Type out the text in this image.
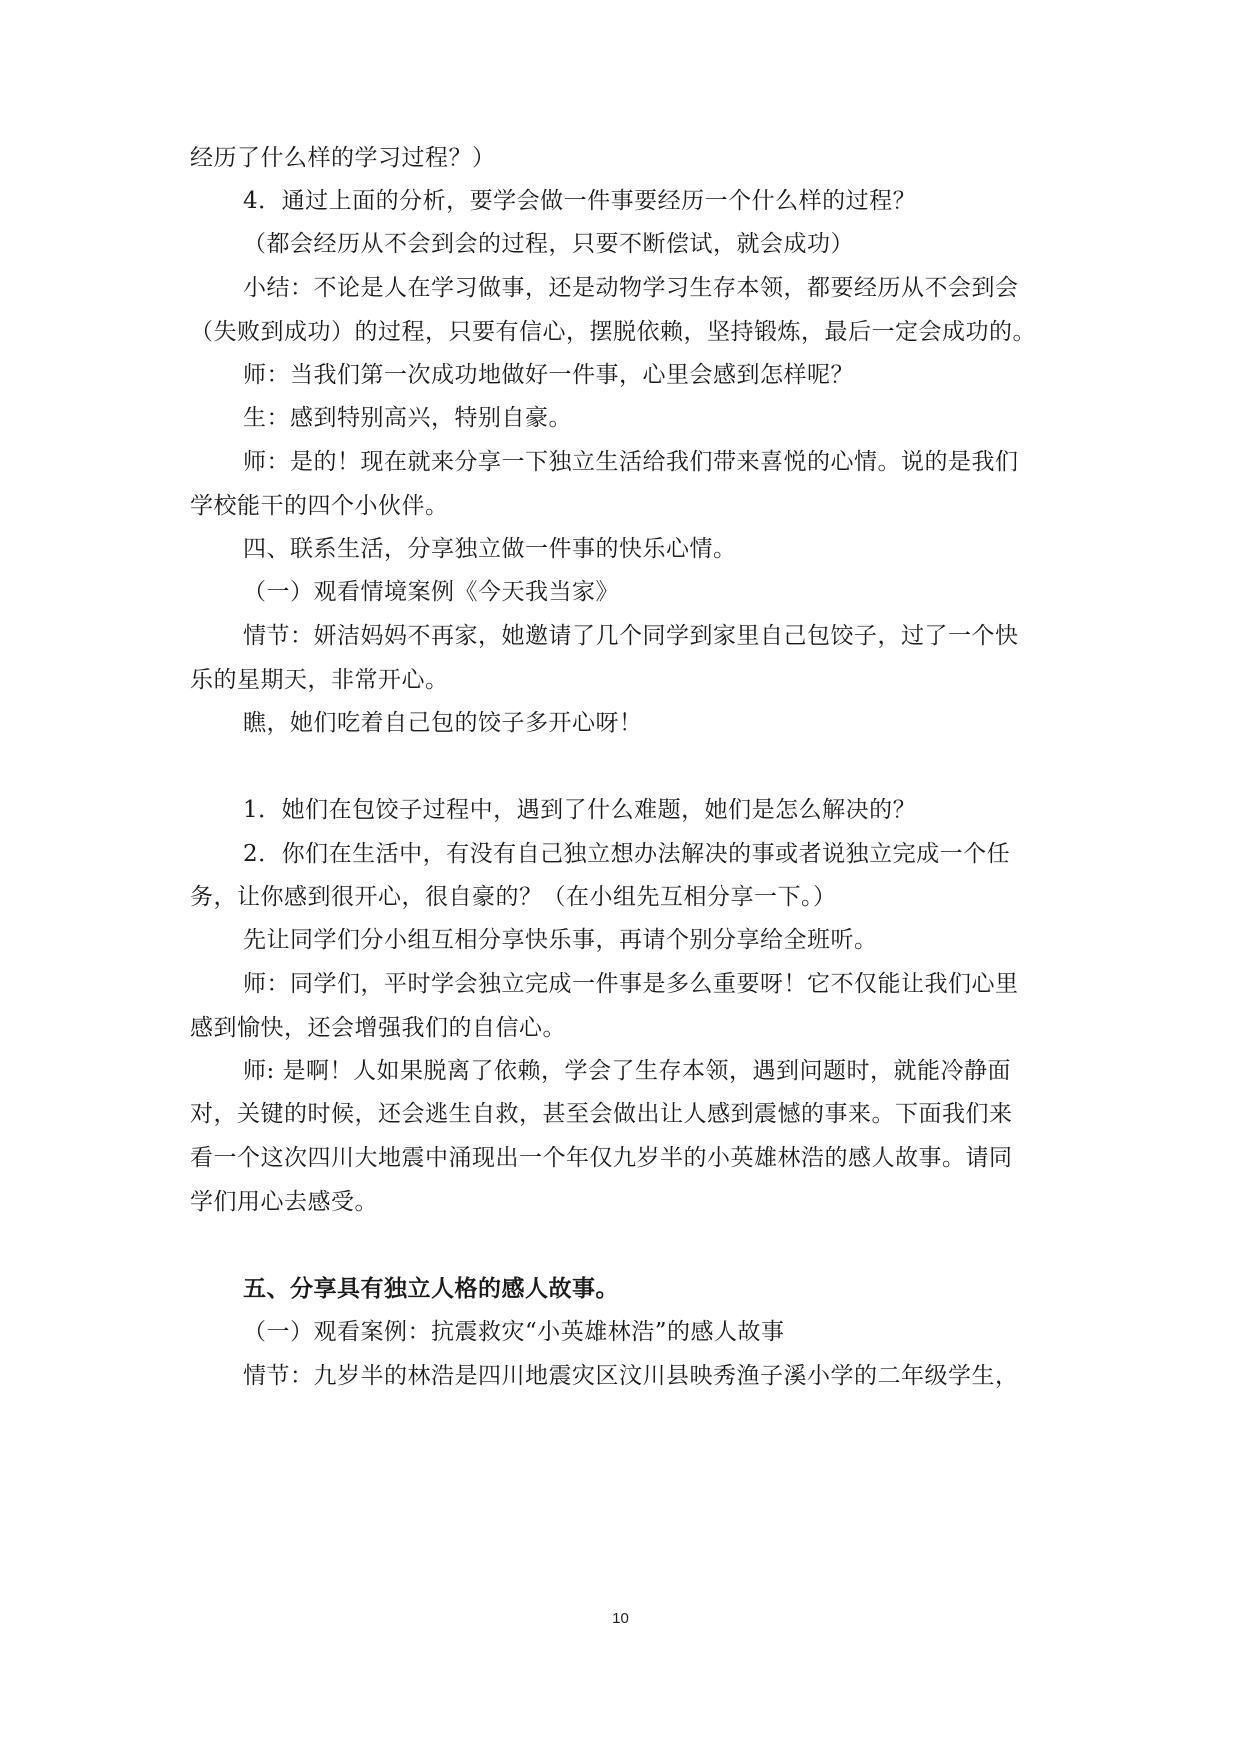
经历了什么样的学习过程？）
4．通过上面的分析，要学会做一件事要经历一个什么样的过程？
（都会经历从不会到会的过程，只要不断偿试，就会成功）
小结：不论是人在学习做事，还是动物学习生存本领，都要经历从不会到会
（失败到成功）的过程，只要有信心，摆脱依赖，坚持锻炼，最后一定会成功的。
师：当我们第一次成功地做好一件事，心里会感到怎样呢？
生：感到特别高兴，特别自豪。
师：是的！现在就来分享一下独立生活给我们带来喜悦的心情。说的是我们
学校能干的四个小伙伴。
四、联系生活，分享独立做一件事的快乐心情。
（一）观看情境案例《今天我当家》
情节：妍洁妈妈不再家，她邀请了几个同学到家里自己包饺子，过了一个快
乐的星期天，非常开心。
瞧，她们吃着自己包的饺子多开心呀！
1．她们在包饺子过程中，遇到了什么难题，她们是怎么解决的？
2．你们在生活中，有没有自己独立想办法解决的事或者说独立完成一个任
务，让你感到很开心，很自豪的？（在小组先互相分享一下。）
先让同学们分小组互相分享快乐事，再请个别分享给全班听。
师：同学们，平时学会独立完成一件事是多么重要呀！它不仅能让我们心里
感到愉快，还会增强我们的自信心。
师: 是啊！人如果脱离了依赖，学会了生存本领，遇到问题时，就能冷静面
对，关键的时候，还会逃生自救，甚至会做出让人感到震憾的事来。下面我们来
看一个这次四川大地震中涌现出一个年仅九岁半的小英雄林浩的感人故事。请同
学们用心去感受。
五、分享具有独立人格的感人故事。
（一）观看案例：抗震救灾“小英雄林浩”的感人故事
情节：九岁半的林浩是四川地震灾区汶川县映秀渔子溪小学的二年级学生，
10
